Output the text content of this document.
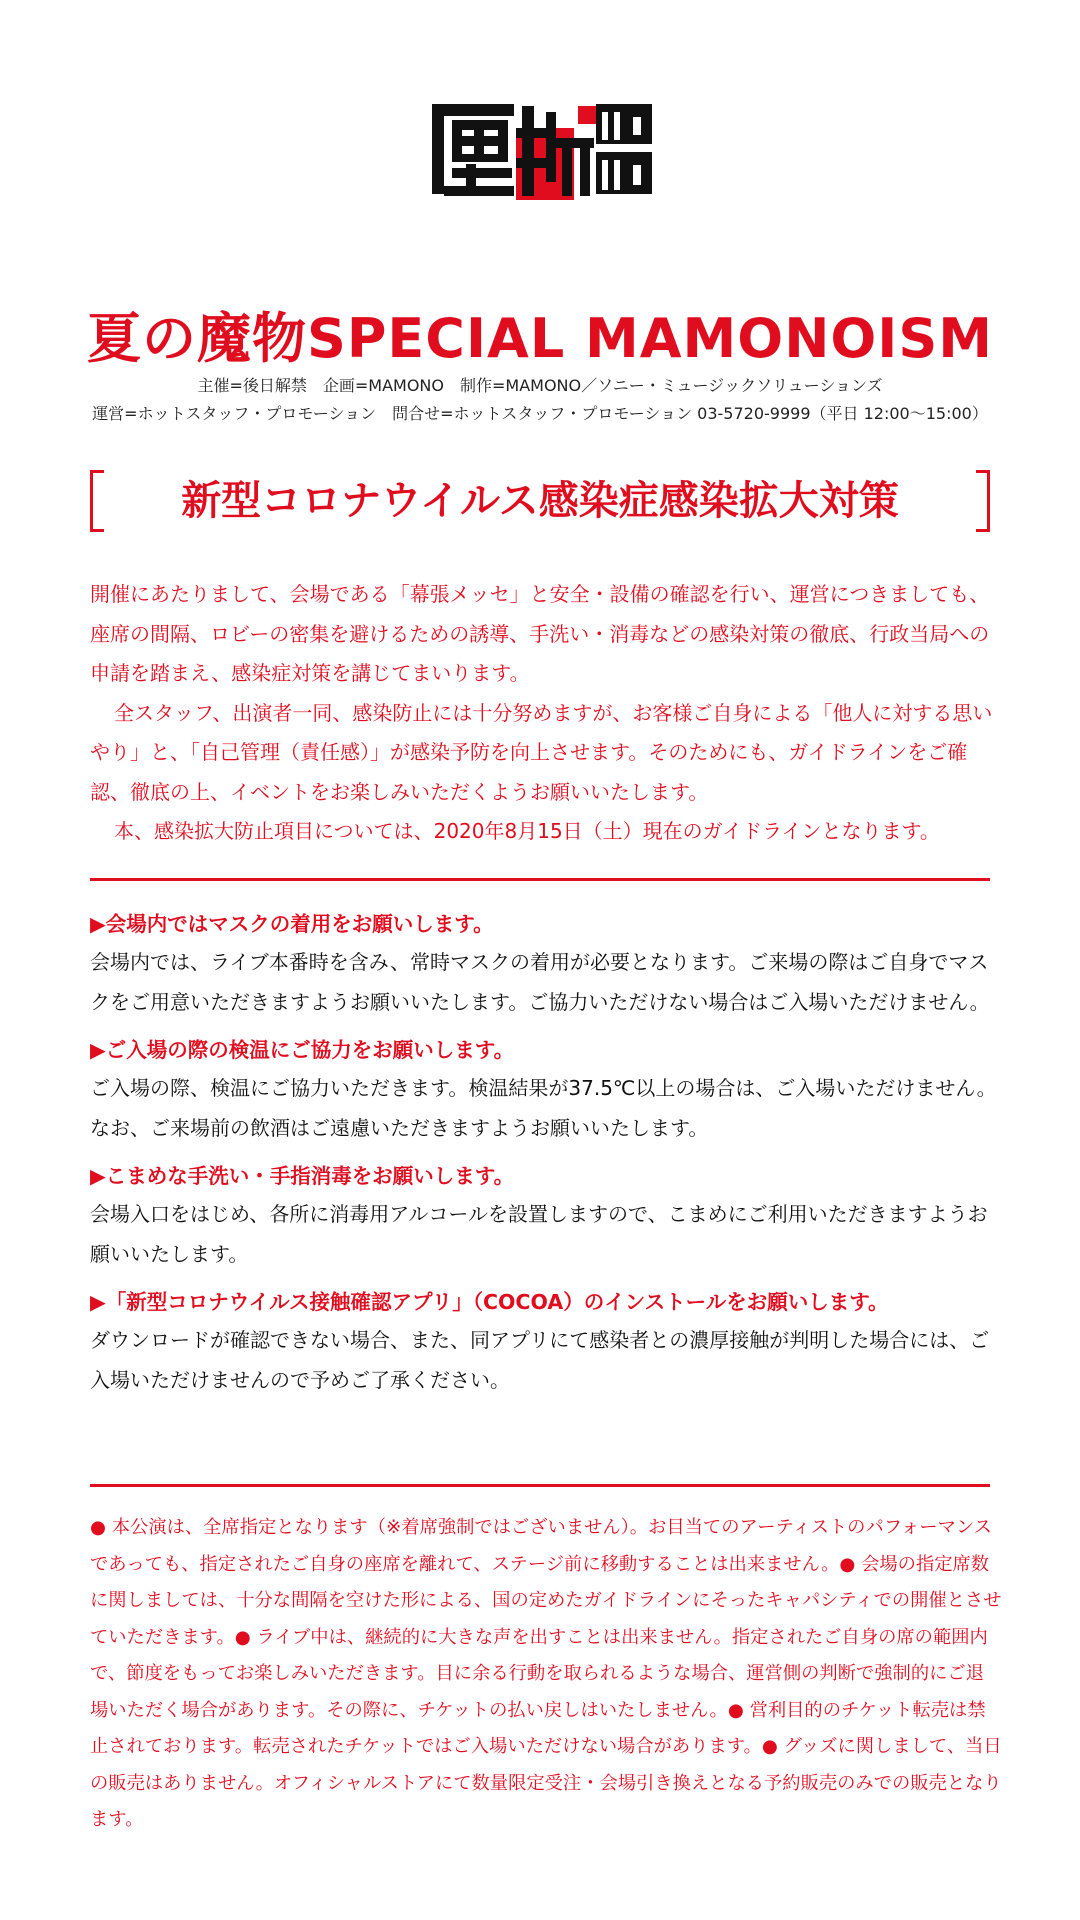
夏の魔物SPECIAL MAMONOISM
主催=後日解禁　企画=MAMONO　制作=MAMONO／ソニー・ミュージックソリューションズ
運営=ホットスタッフ・プロモーション　問合せ=ホットスタッフ・プロモーション 03-5720-9999（平日 12:00～15:00）
新型コロナウイルス感染症感染拡大対策

開催にあたりまして、会場である「幕張メッセ」と安全・設備の確認を行い、運営につきましても、座席の間隔、ロビーの密集を避けるための誘導、手洗い・消毒などの感染対策の徹底、行政当局への申請を踏まえ、感染症対策を講じてまいります。

全スタッフ、出演者一同、感染防止には十分努めますが、お客様ご自身による「他人に対する思いやり」と、「自己管理（責任感）」が感染予防を向上させます。そのためにも、ガイドラインをご確認、徹底の上、イベントをお楽しみいただくようお願いいたします。

本、感染拡大防止項目については、2020年8月15日（土）現在のガイドラインとなります。

▶会場内ではマスクの着用をお願いします。
会場内では、ライブ本番時を含み、常時マスクの着用が必要となります。ご来場の際はご自身でマスクをご用意いただきますようお願いいたします。ご協力いただけない場合はご入場いただけません。
▶ご入場の際の検温にご協力をお願いします。
ご入場の際、検温にご協力いただきます。検温結果が37.5℃以上の場合は、ご入場いただけません。なお、ご来場前の飲酒はご遠慮いただきますようお願いいたします。
▶こまめな手洗い・手指消毒をお願いします。
会場入口をはじめ、各所に消毒用アルコールを設置しますので、こまめにご利用いただきますようお願いいたします。
▶「新型コロナウイルス接触確認アプリ」（COCOA）のインストールをお願いします。
ダウンロードが確認できない場合、また、同アプリにて感染者との濃厚接触が判明した場合には、ご入場いただけませんので予めご了承ください。
● 本公演は、全席指定となります（※着席強制ではございません）。お目当てのアーティストのパフォーマンスであっても、指定されたご自身の座席を離れて、ステージ前に移動することは出来ません。● 会場の指定席数に関しましては、十分な間隔を空けた形による、国の定めたガイドラインにそったキャパシティでの開催とさせていただきます。● ライブ中は、継続的に大きな声を出すことは出来ません。指定されたご自身の席の範囲内で、節度をもってお楽しみいただきます。目に余る行動を取られるような場合、運営側の判断で強制的にご退場いただく場合があります。その際に、チケットの払い戻しはいたしません。● 営利目的のチケット転売は禁止されております。転売されたチケットではご入場いただけない場合があります。● グッズに関しまして、当日の販売はありません。オフィシャルストアにて数量限定受注・会場引き換えとなる予約販売のみでの販売となります。
